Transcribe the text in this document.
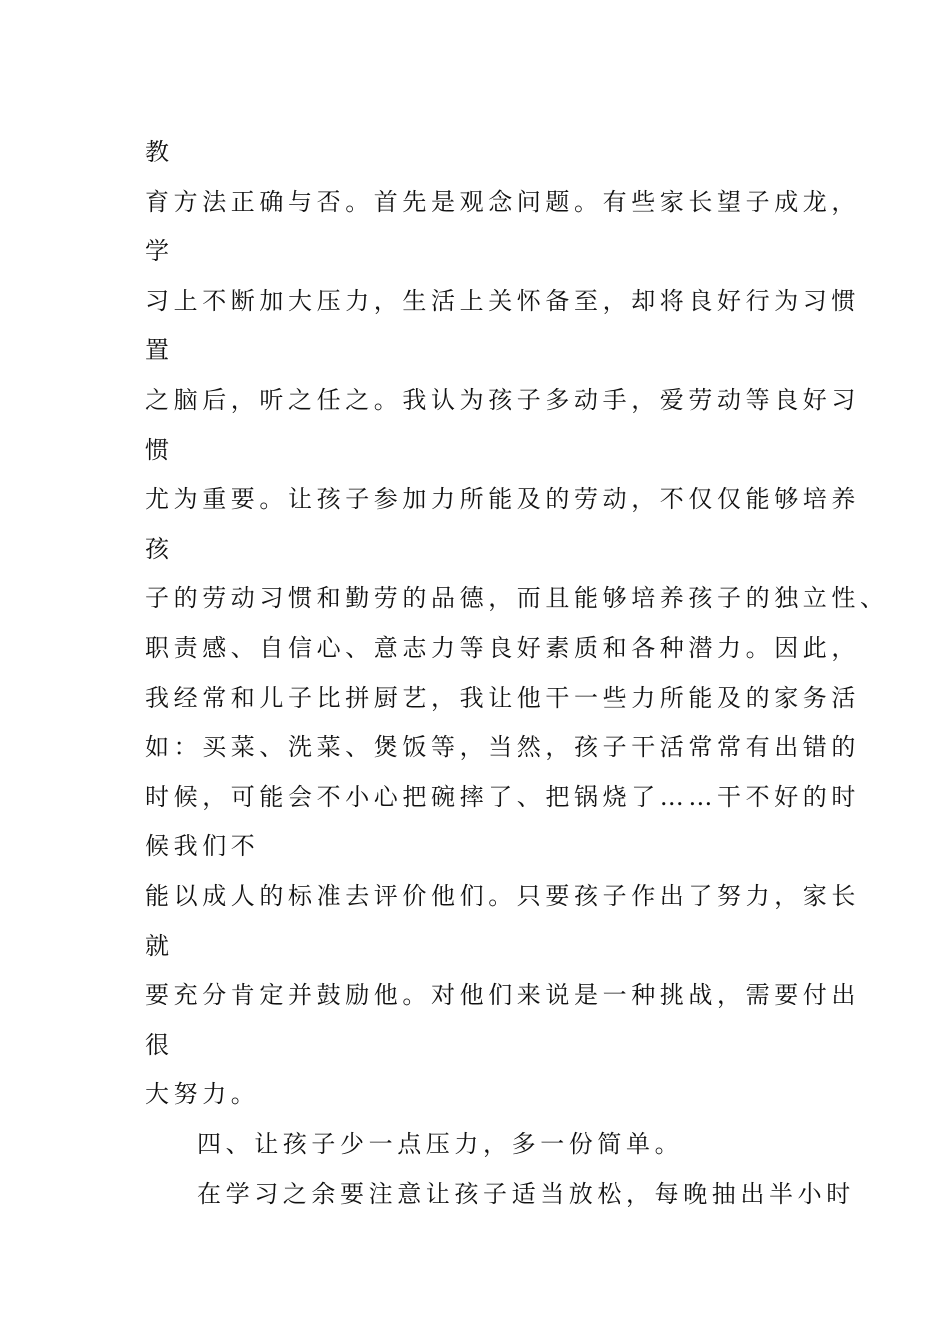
教
育方法正确与否。首先是观念问题。有些家长望子成龙，
学
习上不断加大压力，生活上关怀备至，却将良好行为习惯
置
之脑后，听之任之。我认为孩子多动手，爱劳动等良好习
惯
尤为重要。让孩子参加力所能及的劳动，不仅仅能够培养
孩
子的劳动习惯和勤劳的品德，而且能够培养孩子的独立性、
职责感、自信心、意志力等良好素质和各种潜力。因此，
我经常和儿子比拼厨艺，我让他干一些力所能及的家务活
如：买菜、洗菜、煲饭等，当然，孩子干活常常有出错的
时候，可能会不小心把碗摔了、把锅烧了……干不好的时
候我们不
能以成人的标准去评价他们。只要孩子作出了努力，家长
就
要充分肯定并鼓励他。对他们来说是一种挑战，需要付出
很
大努力。
四、让孩子少一点压力，多一份简单。
在学习之余要注意让孩子适当放松，每晚抽出半小时
